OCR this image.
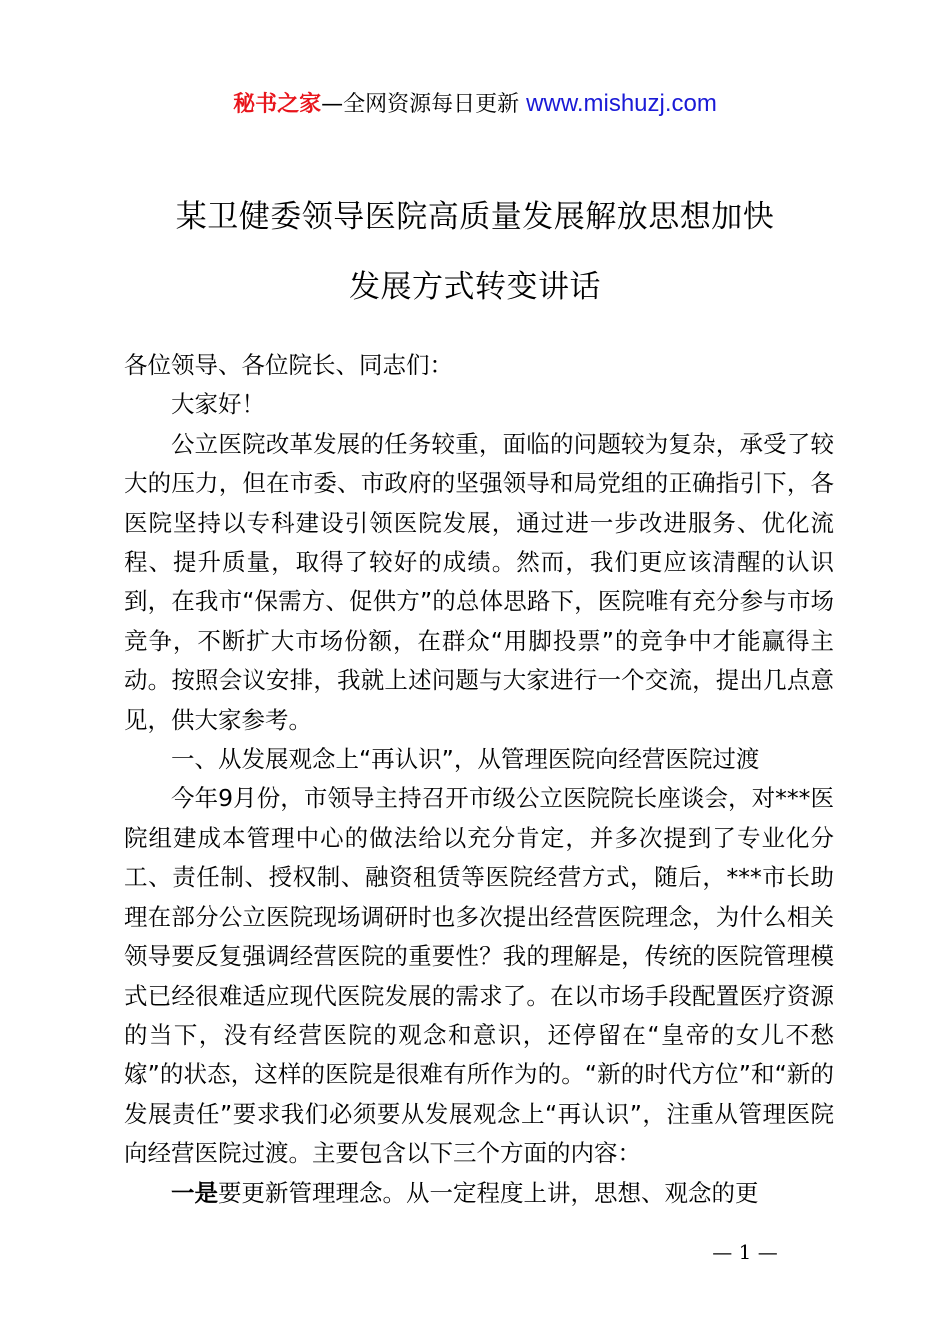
秘书之家—全网资源每日更新 www.mishuzj.com
某卫健委领导医院高质量发展解放思想加快
发展方式转变讲话

各位领导、各位院长、同志们：

大家好！

公立医院改革发展的任务较重，面临的问题较为复杂，承受了较大的压力，但在市委、市政府的坚强领导和局党组的正确指引下，各医院坚持以专科建设引领医院发展，通过进一步改进服务、优化流程、提升质量，取得了较好的成绩。然而，我们更应该清醒的认识到，在我市“保需方、促供方”的总体思路下，医院唯有充分参与市场竞争，不断扩大市场份额，在群众“用脚投票”的竞争中才能赢得主动。按照会议安排，我就上述问题与大家进行一个交流，提出几点意见，供大家参考。

一、从发展观念上“再认识”，从管理医院向经营医院过渡

今年9月份，市领导主持召开市级公立医院院长座谈会，对***医院组建成本管理中心的做法给以充分肯定，并多次提到了专业化分工、责任制、授权制、融资租赁等医院经营方式，随后，***市长助理在部分公立医院现场调研时也多次提出经营医院理念，为什么相关领导要反复强调经营医院的重要性？我的理解是，传统的医院管理模式已经很难适应现代医院发展的需求了。在以市场手段配置医疗资源的当下，没有经营医院的观念和意识，还停留在“皇帝的女儿不愁嫁”的状态，这样的医院是很难有所作为的。“新的时代方位”和“新的发展责任”要求我们必须要从发展观念上“再认识”，注重从管理医院向经营医院过渡。主要包含以下三个方面的内容：

一是要更新管理理念。从一定程度上讲，思想、观念的更

— 1 —
